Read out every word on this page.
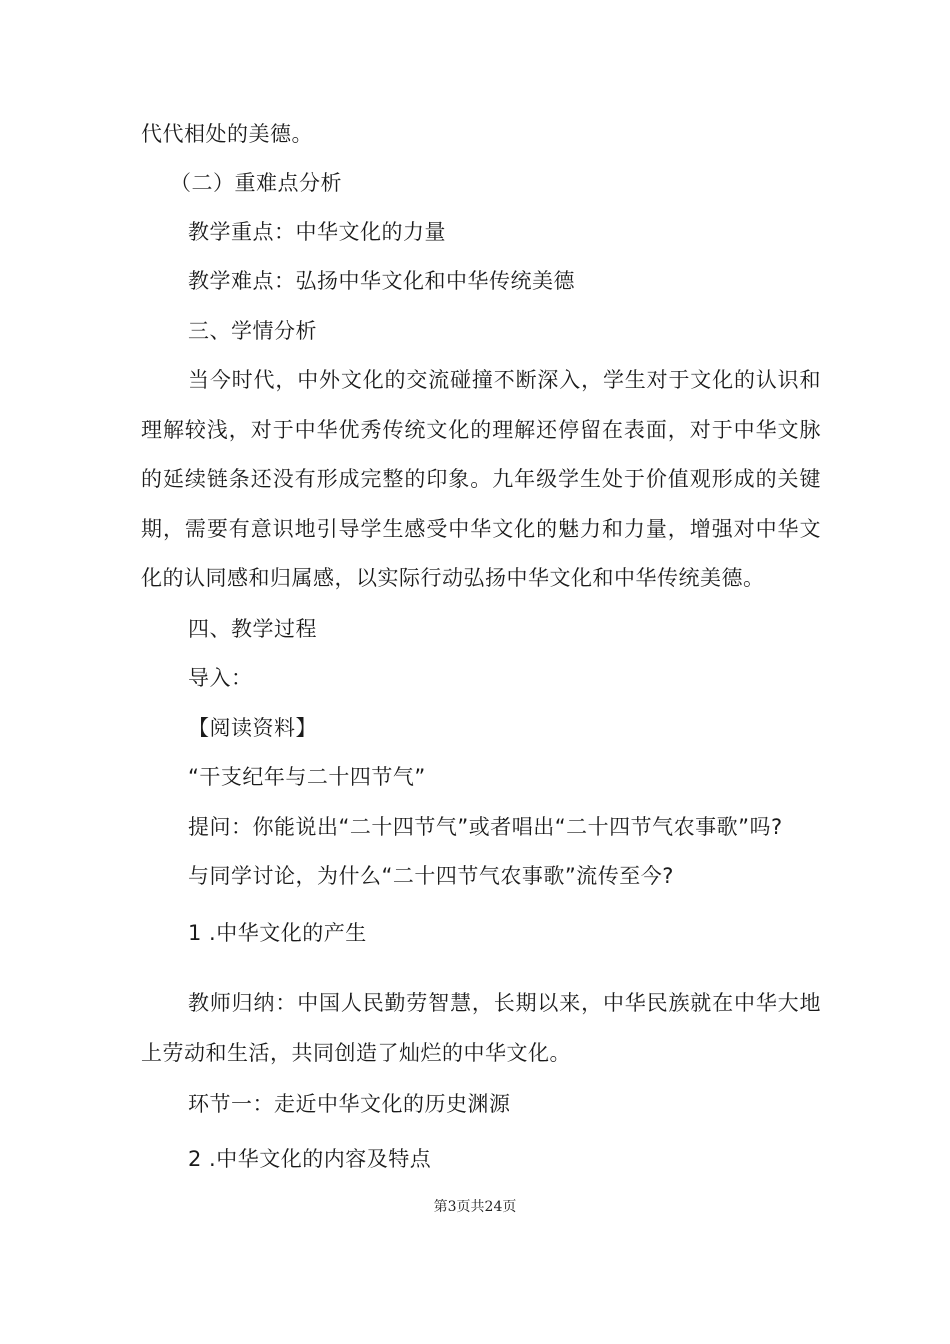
代代相处的美德。
（二）重难点分析
教学重点：中华文化的力量
教学难点：弘扬中华文化和中华传统美德
三、学情分析
当今时代，中外文化的交流碰撞不断深入，学生对于文化的认识和理解较浅，对于中华优秀传统文化的理解还停留在表面，对于中华文脉的延续链条还没有形成完整的印象。九年级学生处于价值观形成的关键期，需要有意识地引导学生感受中华文化的魅力和力量，增强对中华文化的认同感和归属感，以实际行动弘扬中华文化和中华传统美德。
四、教学过程
导入：
【阅读资料】
“干支纪年与二十四节气”
提问：你能说出“二十四节气”或者唱出“二十四节气农事歌”吗?
与同学讨论，为什么“二十四节气农事歌”流传至今?
1 .中华文化的产生
教师归纳：中国人民勤劳智慧，长期以来，中华民族就在中华大地上劳动和生活，共同创造了灿烂的中华文化。
环节一：走近中华文化的历史渊源
2 .中华文化的内容及特点
第3页共24页
